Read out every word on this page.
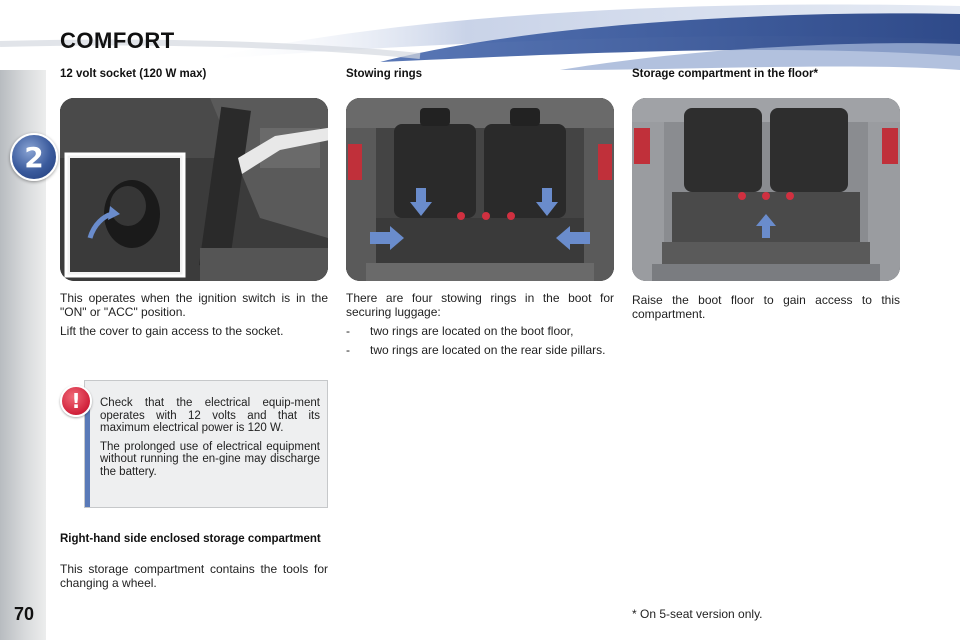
2
COMFORT
12 volt socket (120 W max)	Stowing rings	Storage compartment in the floor*

This operates when the ignition switch is in the "ON" or "ACC" position.

Lift the cover to gain access to the socket.

There are four stowing rings in the boot for securing luggage:

-	two rings are located on the boot floor,
-	two rings are located on the rear side pillars.

Raise the boot floor to gain access to this compartment.

!	Check that the electrical equip-ment operates with 12 volts and that its maximum electrical power is 120 W.

The prolonged use of electrical equipment without running the en-gine may discharge the battery.

Right-hand side enclosed storage compartment

This storage compartment contains the tools for changing a wheel.

* On 5-seat version only.
70
